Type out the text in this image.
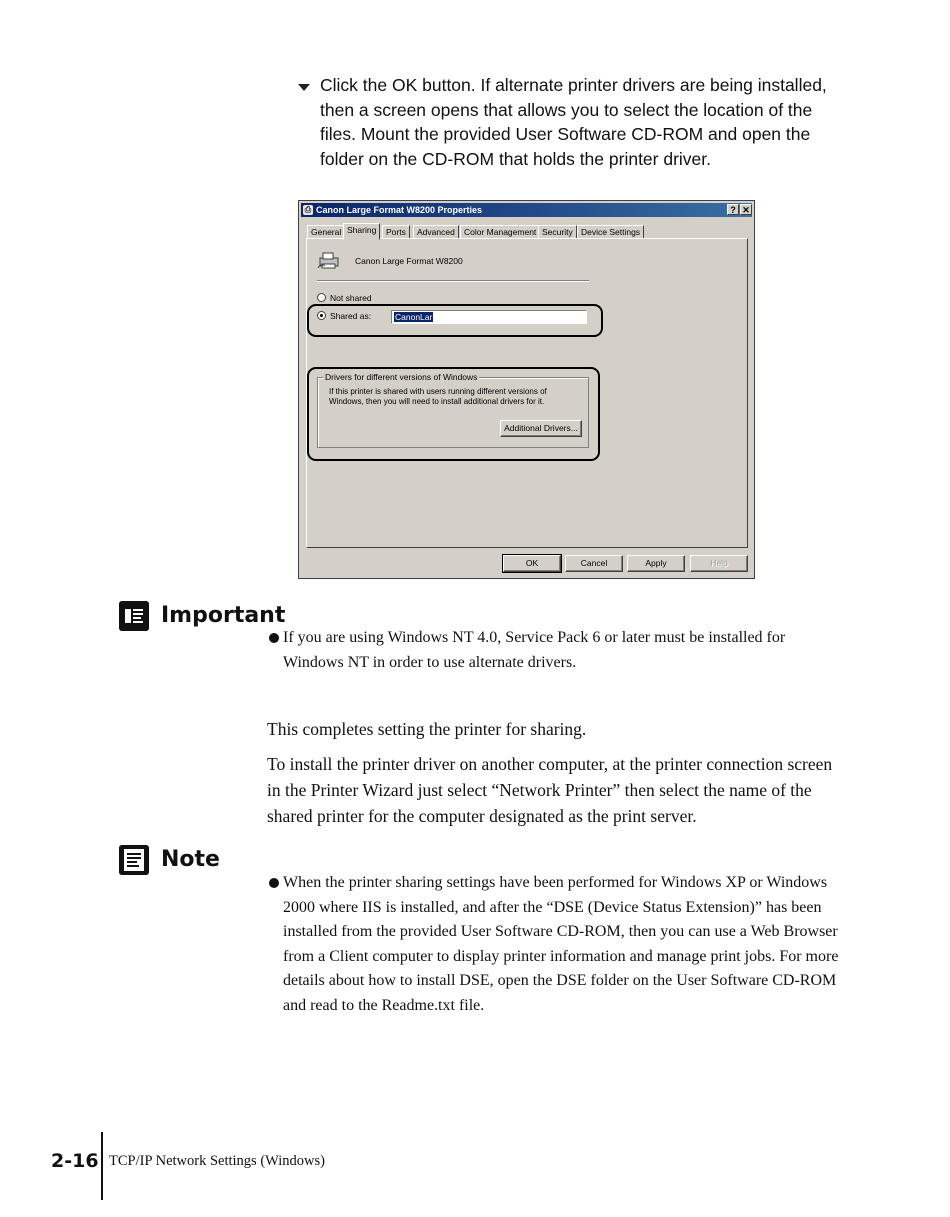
Click the OK button. If alternate printer drivers are being installed, then a screen opens that allows you to select the location of the files. Mount the provided User Software CD-ROM and open the folder on the CD-ROM that holds the printer driver.
⎙ Canon Large Format W8200 Properties	? ✕
General Sharing	Ports	Advanced	Color Management Security Device Settings
Canon Large Format W8200
Not shared
Shared as:	CanonLar
Drivers for different versions of Windows
If this printer is shared with users running different versions of Windows, then you will need to install additional drivers for it.
Additional Drivers...
OK	Cancel	Apply	Help
Important
If you are using Windows NT 4.0, Service Pack 6 or later must be installed for Windows NT in order to use alternate drivers.
This completes setting the printer for sharing.
To install the printer driver on another computer, at the printer connection screen in the Printer Wizard just select “Network Printer” then select the name of the shared printer for the computer designated as the print server.
Note
When the printer sharing settings have been performed for Windows XP or Windows 2000 where IIS is installed, and after the “DSE (Device Status Extension)” has been installed from the provided User Software CD-ROM, then you can use a Web Browser from a Client computer to display printer information and manage print jobs. For more details about how to install DSE, open the DSE folder on the User Software CD-ROM and read to the Readme.txt file.
2-16 TCP/IP Network Settings (Windows)
